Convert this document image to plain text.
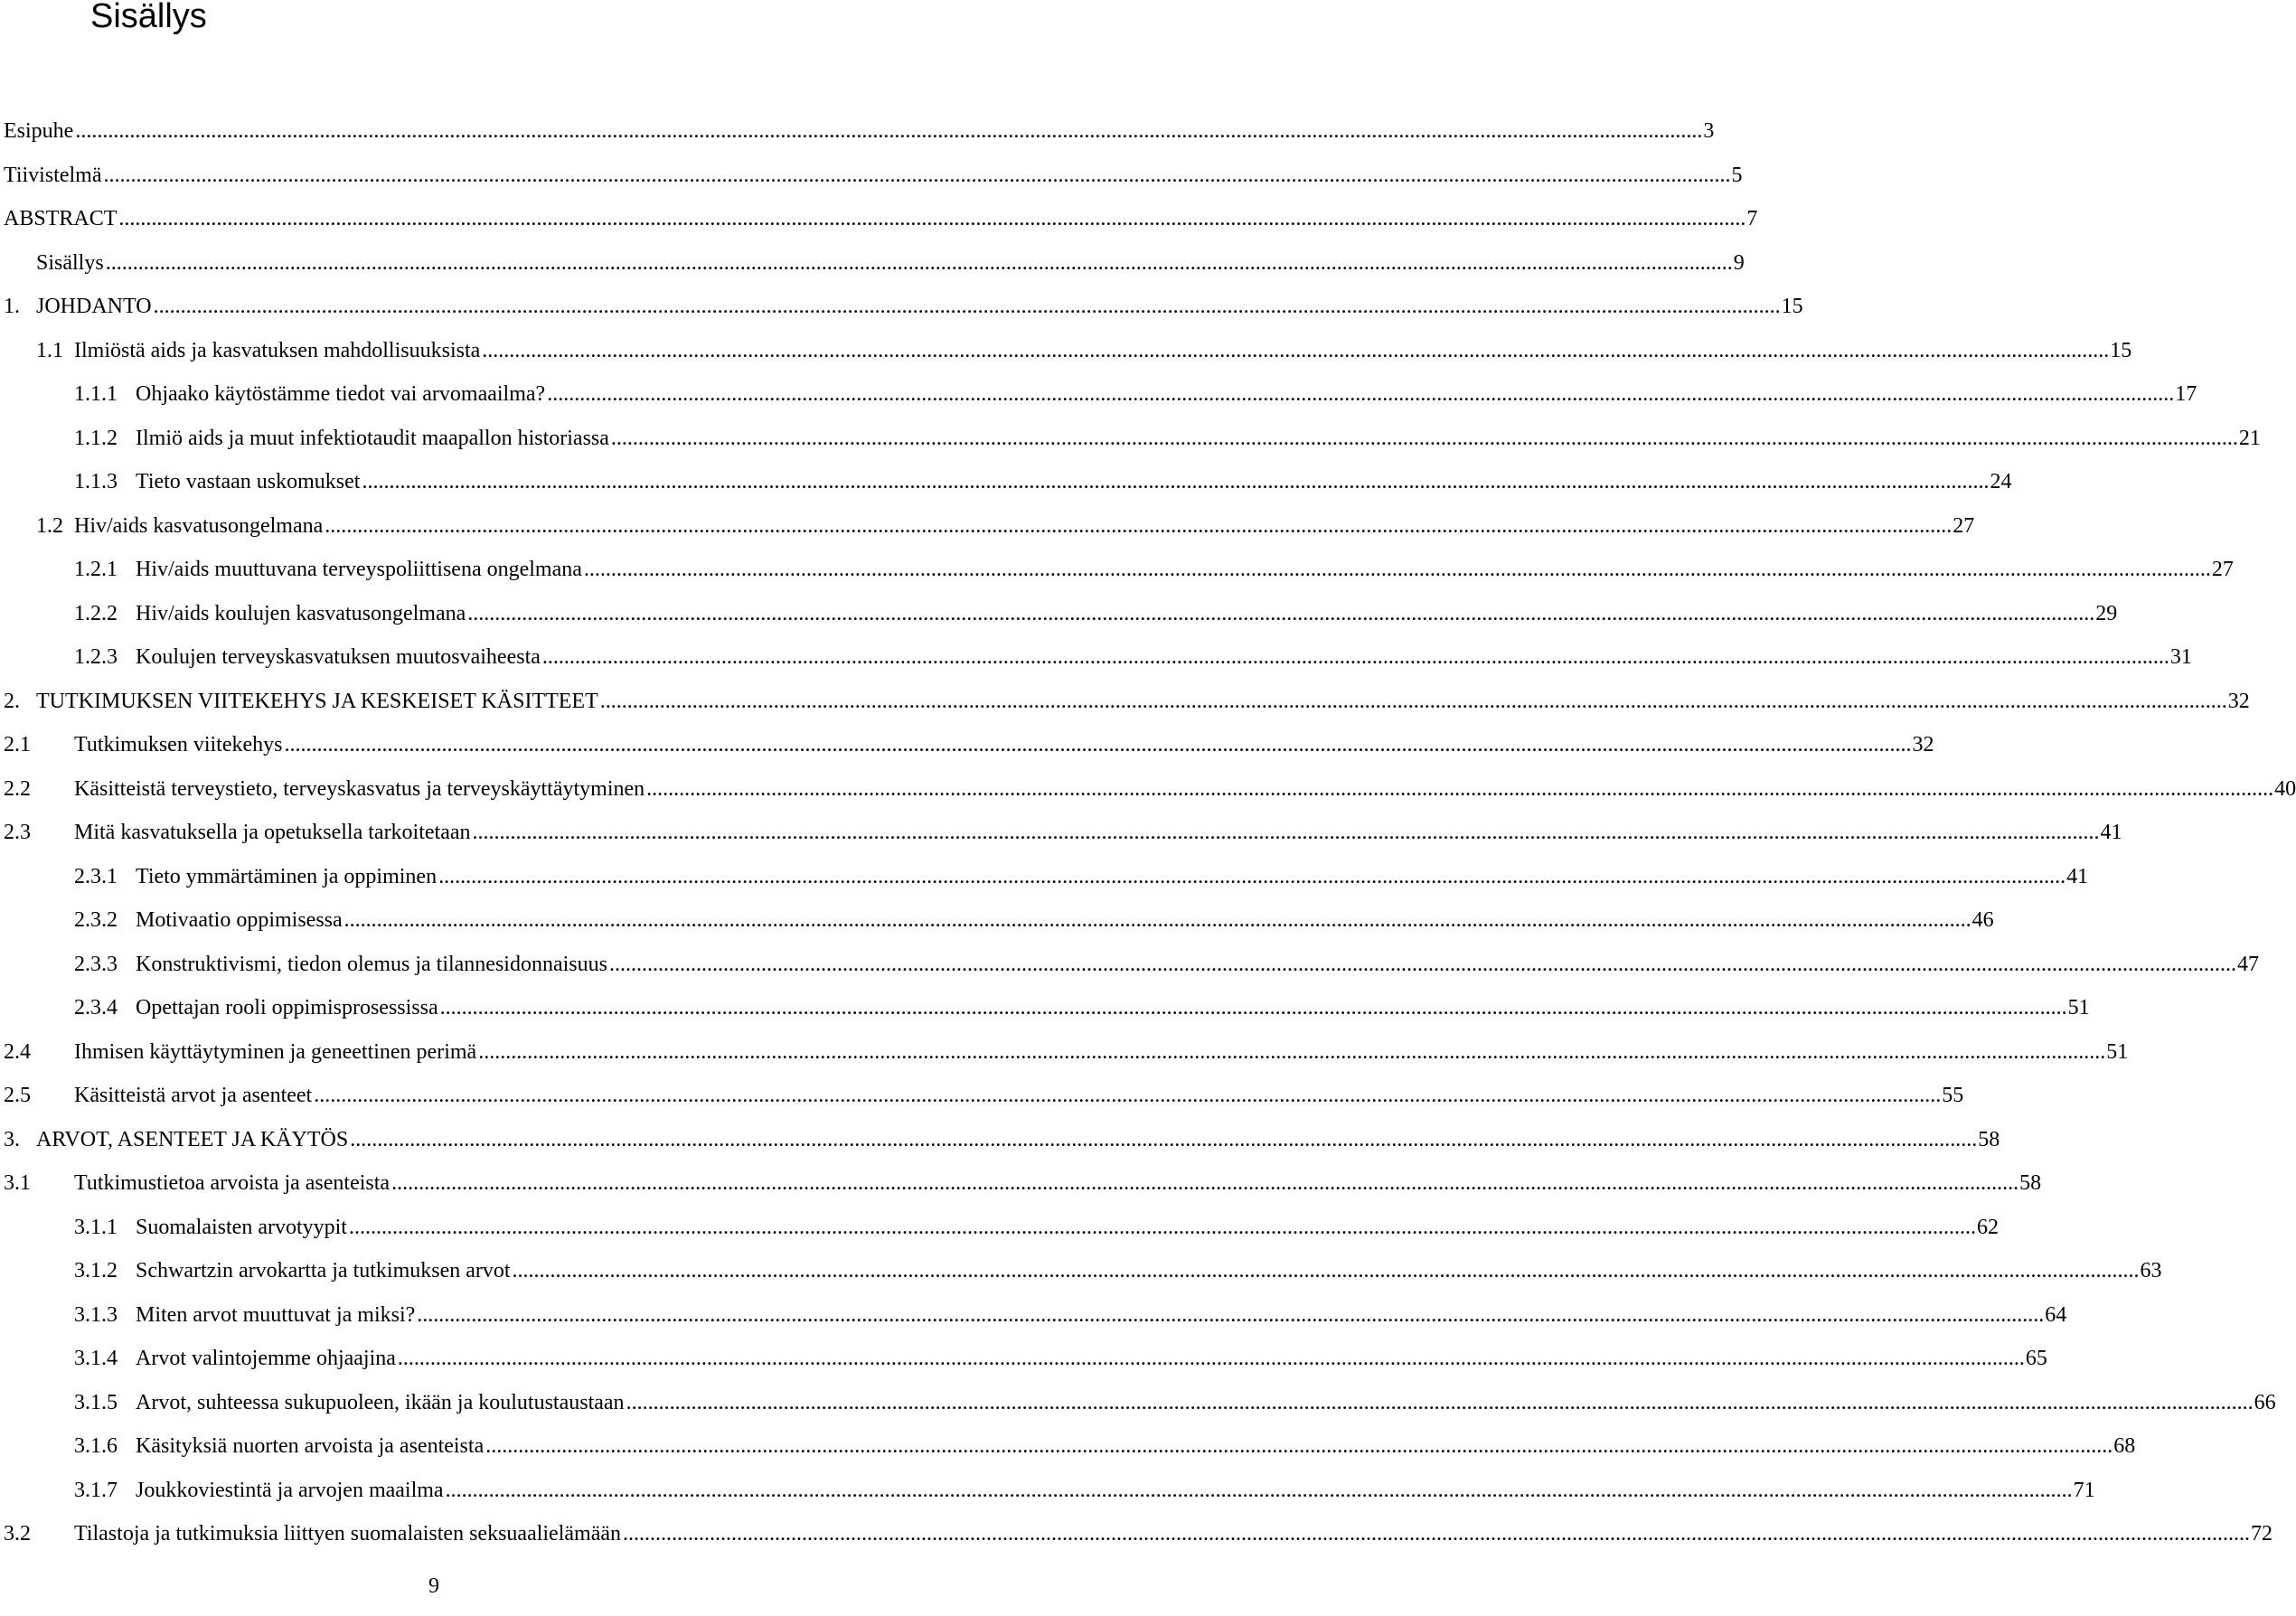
Sisällys
Esipuhe ............................................................................................................................................................................................................................................................................................................ 3
Tiivistelmä ............................................................................................................................................................................................................................................................................................................ 5
ABSTRACT ............................................................................................................................................................................................................................................................................................................ 7
Sisällys ............................................................................................................................................................................................................................................................................................................ 9
1. JOHDANTO ............................................................................................................................................................................................................................................................................................................ 15
1.1 Ilmiöstä aids ja kasvatuksen mahdollisuuksista ............................................................................................................................................................................................................................................................................................................ 15
1.1.1 Ohjaako käytöstämme tiedot vai arvomaailma? ............................................................................................................................................................................................................................................................................................................ 17
1.1.2 Ilmiö aids ja muut infektiotaudit maapallon historiassa ............................................................................................................................................................................................................................................................................................................ 21
1.1.3 Tieto vastaan uskomukset ............................................................................................................................................................................................................................................................................................................ 24
1.2 Hiv/aids kasvatusongelmana ............................................................................................................................................................................................................................................................................................................ 27
1.2.1 Hiv/aids muuttuvana terveyspoliittisena ongelmana ............................................................................................................................................................................................................................................................................................................ 27
1.2.2 Hiv/aids koulujen kasvatusongelmana ............................................................................................................................................................................................................................................................................................................ 29
1.2.3 Koulujen terveyskasvatuksen muutosvaiheesta ............................................................................................................................................................................................................................................................................................................ 31
2. TUTKIMUKSEN VIITEKEHYS JA KESKEISET KÄSITTEET ............................................................................................................................................................................................................................................................................................................ 32
2.1 Tutkimuksen viitekehys ............................................................................................................................................................................................................................................................................................................ 32
2.2 Käsitteistä terveystieto, terveyskasvatus ja terveyskäyttäytyminen ............................................................................................................................................................................................................................................................................................................ 40
2.3 Mitä kasvatuksella ja opetuksella tarkoitetaan ............................................................................................................................................................................................................................................................................................................ 41
2.3.1 Tieto ymmärtäminen ja oppiminen ............................................................................................................................................................................................................................................................................................................ 41
2.3.2 Motivaatio oppimisessa ............................................................................................................................................................................................................................................................................................................ 46
2.3.3 Konstruktivismi, tiedon olemus ja tilannesidonnaisuus ............................................................................................................................................................................................................................................................................................................ 47
2.3.4 Opettajan rooli oppimisprosessissa ............................................................................................................................................................................................................................................................................................................ 51
2.4 Ihmisen käyttäytyminen ja geneettinen perimä ............................................................................................................................................................................................................................................................................................................ 51
2.5 Käsitteistä arvot ja asenteet ............................................................................................................................................................................................................................................................................................................ 55
3. ARVOT, ASENTEET JA KÄYTÖS ............................................................................................................................................................................................................................................................................................................ 58
3.1 Tutkimustietoa arvoista ja asenteista ............................................................................................................................................................................................................................................................................................................ 58
3.1.1 Suomalaisten arvotyypit ............................................................................................................................................................................................................................................................................................................ 62
3.1.2 Schwartzin arvokartta ja tutkimuksen arvot ............................................................................................................................................................................................................................................................................................................ 63
3.1.3 Miten arvot muuttuvat ja miksi? ............................................................................................................................................................................................................................................................................................................ 64
3.1.4 Arvot valintojemme ohjaajina ............................................................................................................................................................................................................................................................................................................ 65
3.1.5 Arvot, suhteessa sukupuoleen, ikään ja koulutustaustaan ............................................................................................................................................................................................................................................................................................................ 66
3.1.6 Käsityksiä nuorten arvoista ja asenteista ............................................................................................................................................................................................................................................................................................................ 68
3.1.7 Joukkoviestintä ja arvojen maailma ............................................................................................................................................................................................................................................................................................................ 71
3.2 Tilastoja ja tutkimuksia liittyen suomalaisten seksuaalielämään ............................................................................................................................................................................................................................................................................................................ 72
9
